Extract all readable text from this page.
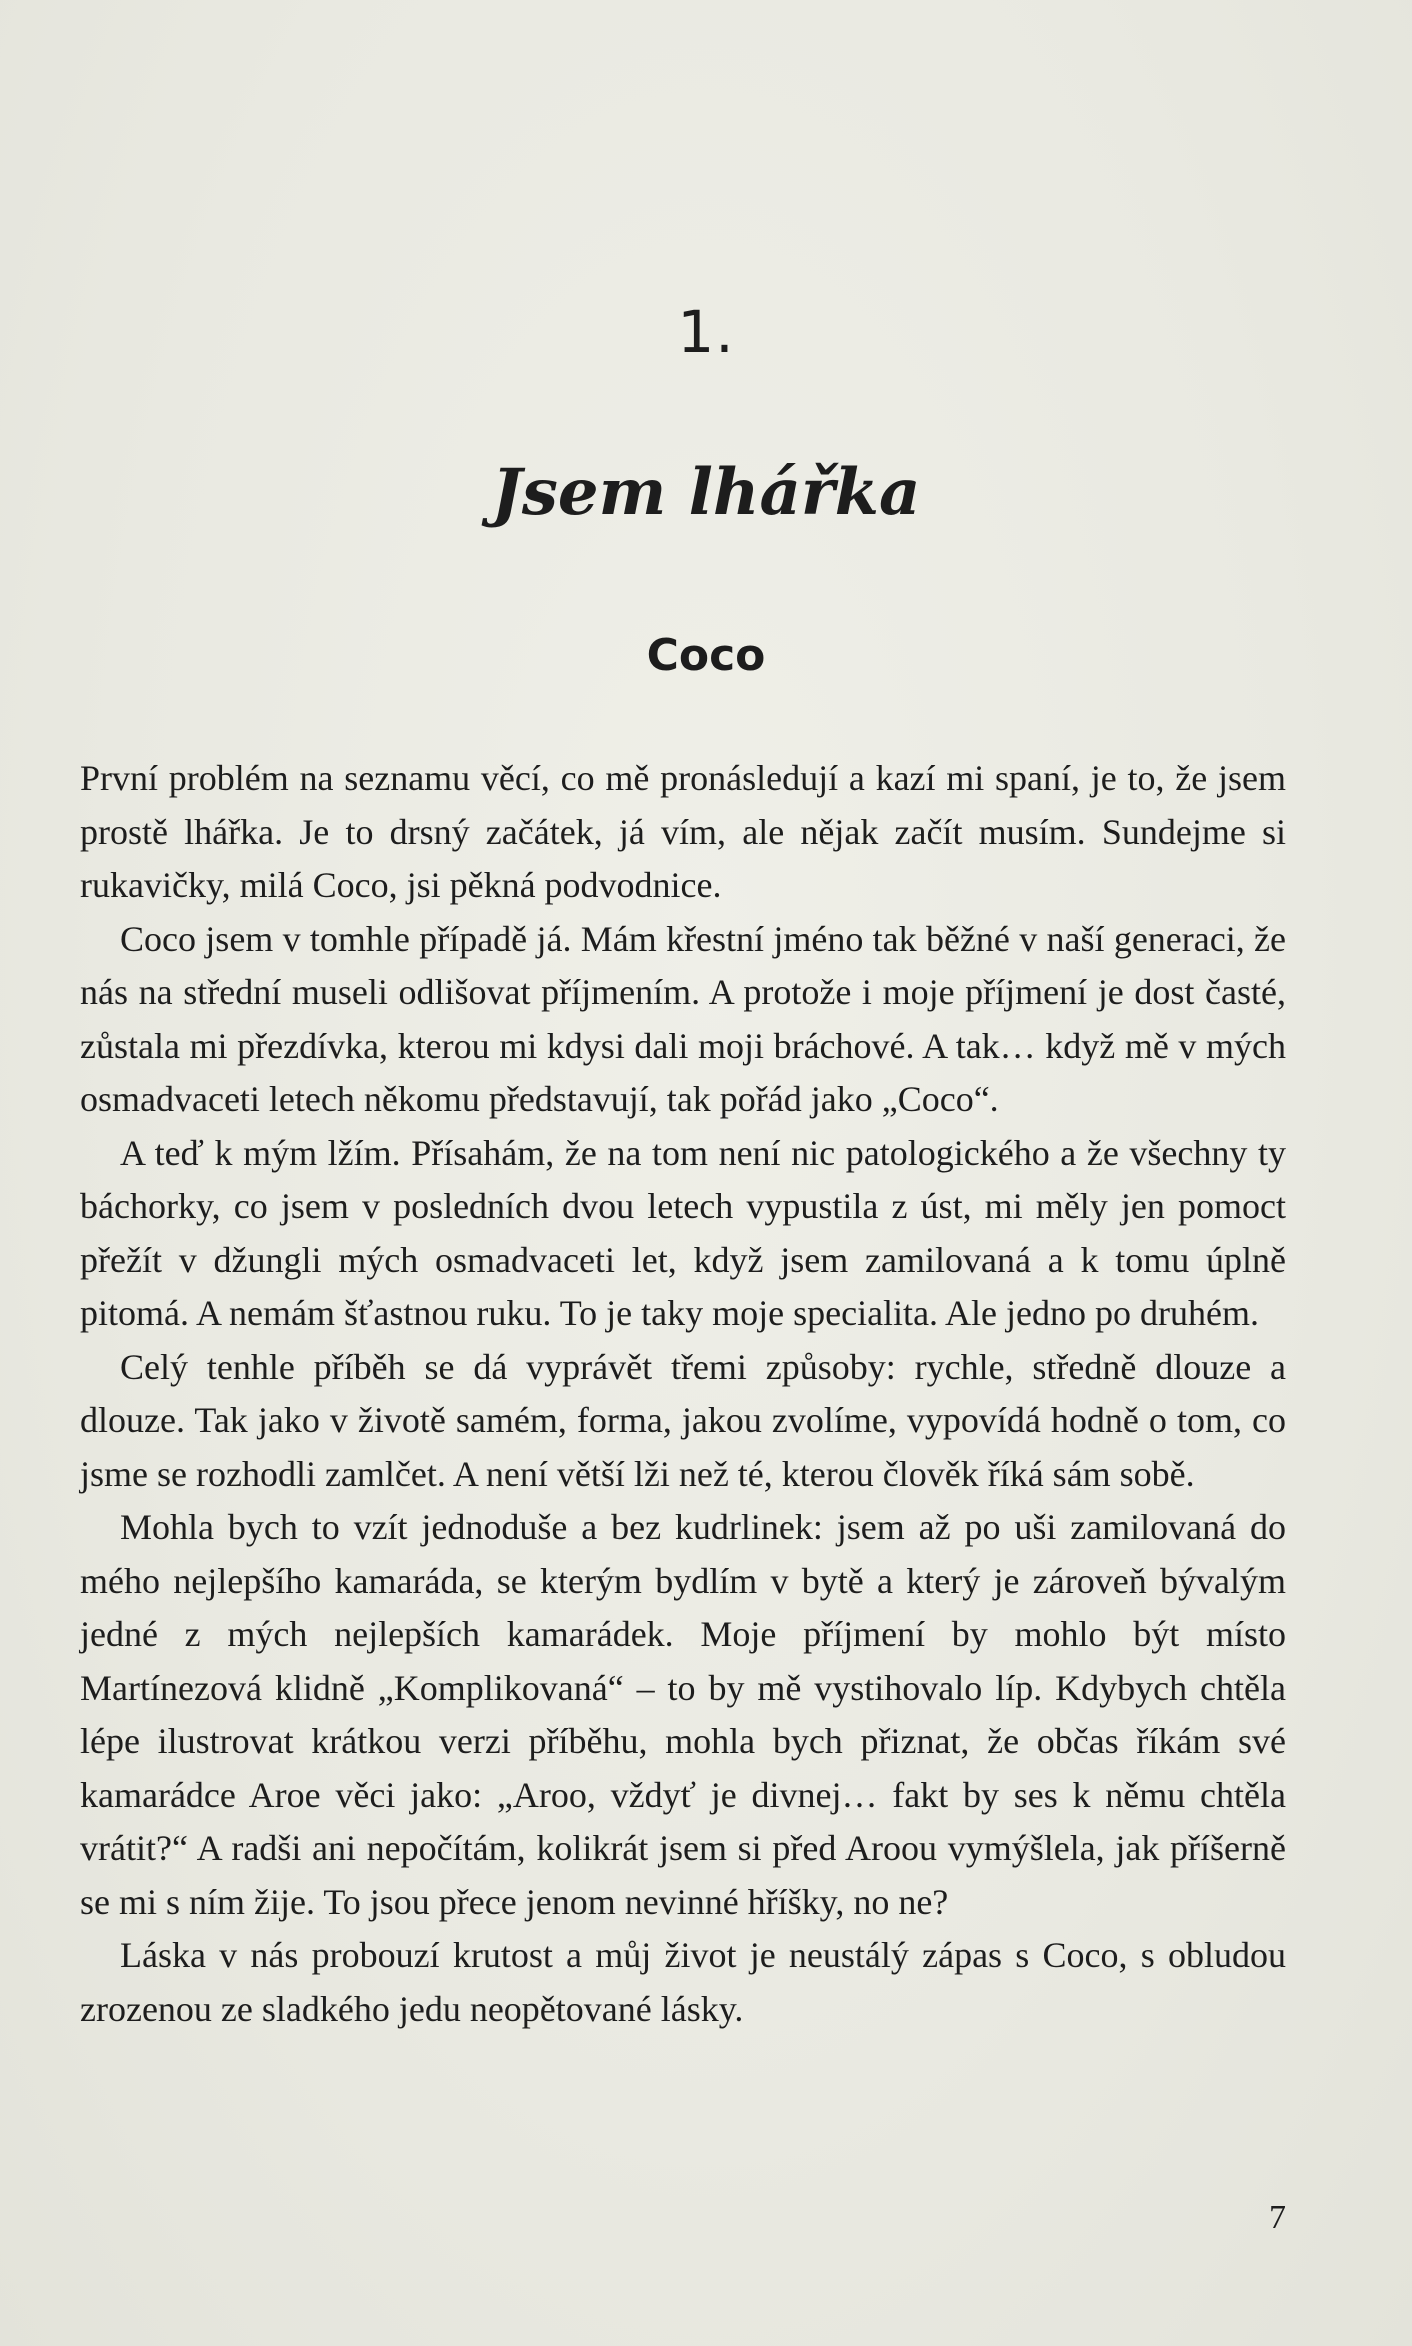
1.
Jsem lhářka
Coco

První problém na seznamu věcí, co mě pronásledují a kazí mi spaní, je to, že jsem prostě lhářka. Je to drsný začátek, já vím, ale nějak začít musím. Sundejme si rukavičky, milá Coco, jsi pěkná podvodnice.

Coco jsem v tomhle případě já. Mám křestní jméno tak běžné v naší generaci, že nás na střední museli odlišovat příjmením. A protože i moje příjmení je dost časté, zůstala mi přezdívka, kterou mi kdysi dali moji bráchové. A tak… když mě v mých osmadvaceti letech někomu představují, tak pořád jako „Coco“.

A teď k mým lžím. Přísahám, že na tom není nic patologického a že všechny ty báchorky, co jsem v posledních dvou letech vypustila z úst, mi měly jen pomoct přežít v džungli mých osmadvaceti let, když jsem zamilovaná a k tomu úplně pitomá. A nemám šťastnou ruku. To je taky moje specialita. Ale jedno po druhém.

Celý tenhle příběh se dá vyprávět třemi způsoby: rychle, středně dlouze a dlouze. Tak jako v životě samém, forma, jakou zvolíme, vypovídá hodně o tom, co jsme se rozhodli zamlčet. A není větší lži než té, kterou člověk říká sám sobě.

Mohla bych to vzít jednoduše a bez kudrlinek: jsem až po uši zamilovaná do mého nejlepšího kamaráda, se kterým bydlím v bytě a který je zároveň bývalým jedné z mých nejlepších kamarádek. Moje příjmení by mohlo být místo Martínezová klidně „Komplikovaná“ – to by mě vystihovalo líp. Kdybych chtěla lépe ilustrovat krátkou verzi příběhu, mohla bych přiznat, že občas říkám své kamarádce Aroe věci jako: „Aroo, vždyť je divnej… fakt by ses k němu chtěla vrátit?“ A radši ani nepočítám, kolikrát jsem si před Aroou vymýšlela, jak příšerně se mi s ním žije. To jsou přece jenom nevinné hříšky, no ne?

Láska v nás probouzí krutost a můj život je neustálý zápas s Coco, s obludou zrozenou ze sladkého jedu neopětované lásky.

7
